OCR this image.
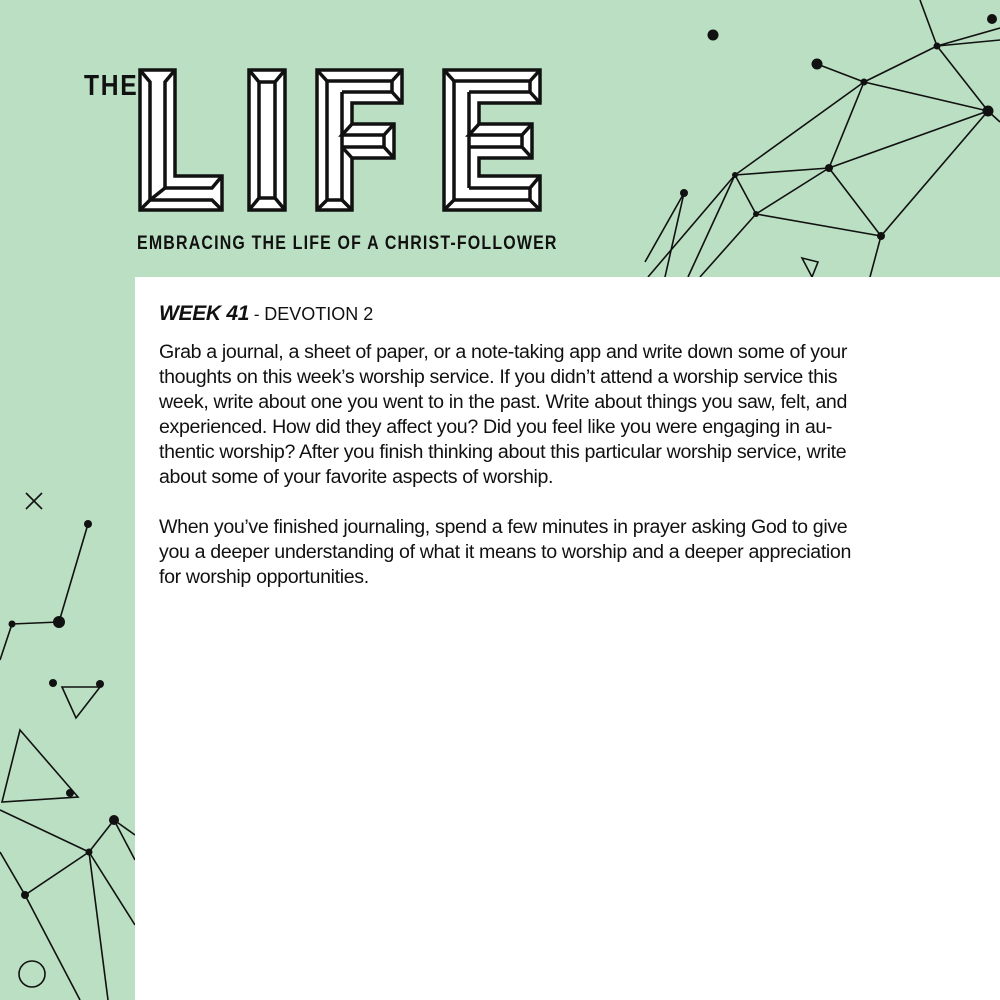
THE
EMBRACING THE LIFE OF A CHRIST-FOLLOWER
WEEK 41 - DEVOTION 2

Grab a journal, a sheet of paper, or a note-taking app and write down some of your
thoughts on this week’s worship service. If you didn’t attend a worship service this
week, write about one you went to in the past. Write about things you saw, felt, and
experienced. How did they affect you? Did you feel like you were engaging in au-
thentic worship? After you finish thinking about this particular worship service, write
about some of your favorite aspects of worship.

When you’ve finished journaling, spend a few minutes in prayer asking God to give
you a deeper understanding of what it means to worship and a deeper appreciation
for worship opportunities.
